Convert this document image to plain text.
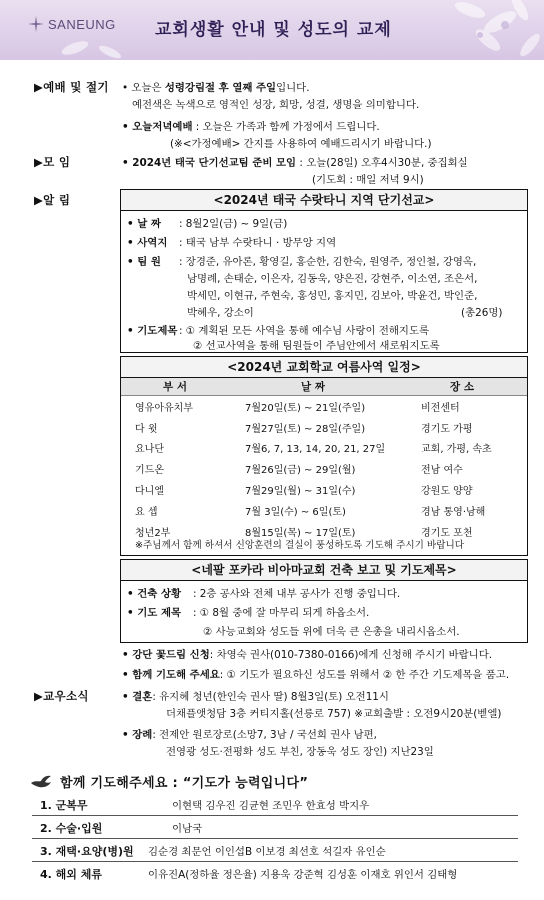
SANEUNG 교회생활 안내 및 성도의 교제
▶예배 및 절기 • 오늘은 성령강림절 후 열째 주일입니다.
예전색은 녹색으로 영적인 성장, 희망, 성결, 생명을 의미합니다.
• 오늘저녁예배 : 오늘은 가족과 함께 가정에서 드립니다.
(※<가정예배> 간지를 사용하여 예배드리시기 바랍니다.)
▶모 임	• 2024년 태국 단기선교팀 준비 모임 : 오늘(28일) 오후4시30분, 중집회실
(기도회 : 매일 저녁 9시)
▶알 림	<2024년 태국 수랏타니 지역 단기선교>
• 날 짜 : 8월2일(금) ~ 9일(금)
• 사역지 : 태국 남부 수랏타니 · 방무앙 지역
• 팀 원 : 장경준, 유아론, 황영길, 홍순한, 김한숙, 원영주, 정인철, 강영옥,
남명례, 손태순, 이은자, 김동욱, 양은진, 강현주, 이소연, 조은서,
박세민, 이현규, 주현숙, 홍성민, 홍지민, 김보아, 박윤건, 박인준,
박혜우, 강소이	(총26명)
• 기도제목 : ① 계획된 모든 사역을 통해 예수님 사랑이 전해지도록
② 선교사역을 통해 팀원들이 주님안에서 새로워지도록
<2024년 교회학교 여름사역 일정>
부 서	날 짜	장 소
영유아유치부	7월20일(토) ~ 21일(주일)	비전센터
다 윗	7월27일(토) ~ 28일(주일)	경기도 가평
요나단	7월6, 7, 13, 14, 20, 21, 27일	교회, 가평, 속초
기드온	7월26일(금) ~ 29일(월)	전남 여수
다니엘	7월29일(월) ~ 31일(수)	강원도 양양
요 셉	7월 3일(수) ~ 6일(토)	경남 통영·남해
청년2부	8월15일(목) ~ 17일(토)	경기도 포천
※주님께서 함께 하셔서 신앙훈련의 결실이 풍성하도록 기도해 주시기 바랍니다
<네팔 포카라 비아마교회 건축 보고 및 기도제목>
• 건축 상황 : 2층 공사와 전체 내부 공사가 진행 중입니다.
• 기도 제목 : ① 8월 중에 잘 마무리 되게 하옵소서.
② 사능교회와 성도들 위에 더욱 큰 은총을 내리시옵소서.
• 강단 꽃드림 신청: 차영숙 권사(010-7380-0166)에게 신청해 주시기 바랍니다.
• 함께 기도해 주세요: ① 기도가 필요하신 성도를 위해서 ② 한 주간 기도제목을 품고.
▶교우소식	• 결혼: 유지혜 청년(한인숙 권사 딸) 8월3일(토) 오전11시
더채플앳청담 3층 커티지홀(선릉로 757) ※교회출발 : 오전9시20분(벧엘)
• 장례: 전제안 원로장로(소망7, 3남 / 국선희 권사 남편,
전영광 성도·전평화 성도 부친, 장동욱 성도 장인) 지난23일
함께 기도해주세요 : “기도가 능력입니다”
1. 군복무	이현택 김우진 김균현 조민우 한효성 박지우
2. 수술·입원	이남국
3. 재택·요양(병)원 김순경 최문언 이인섭B 이보경 최선호 석길자 유인순
4. 해외 체류	이유진A(정하율 정은율) 지용욱 강준혁 김성훈 이재호 위인서 김태형
